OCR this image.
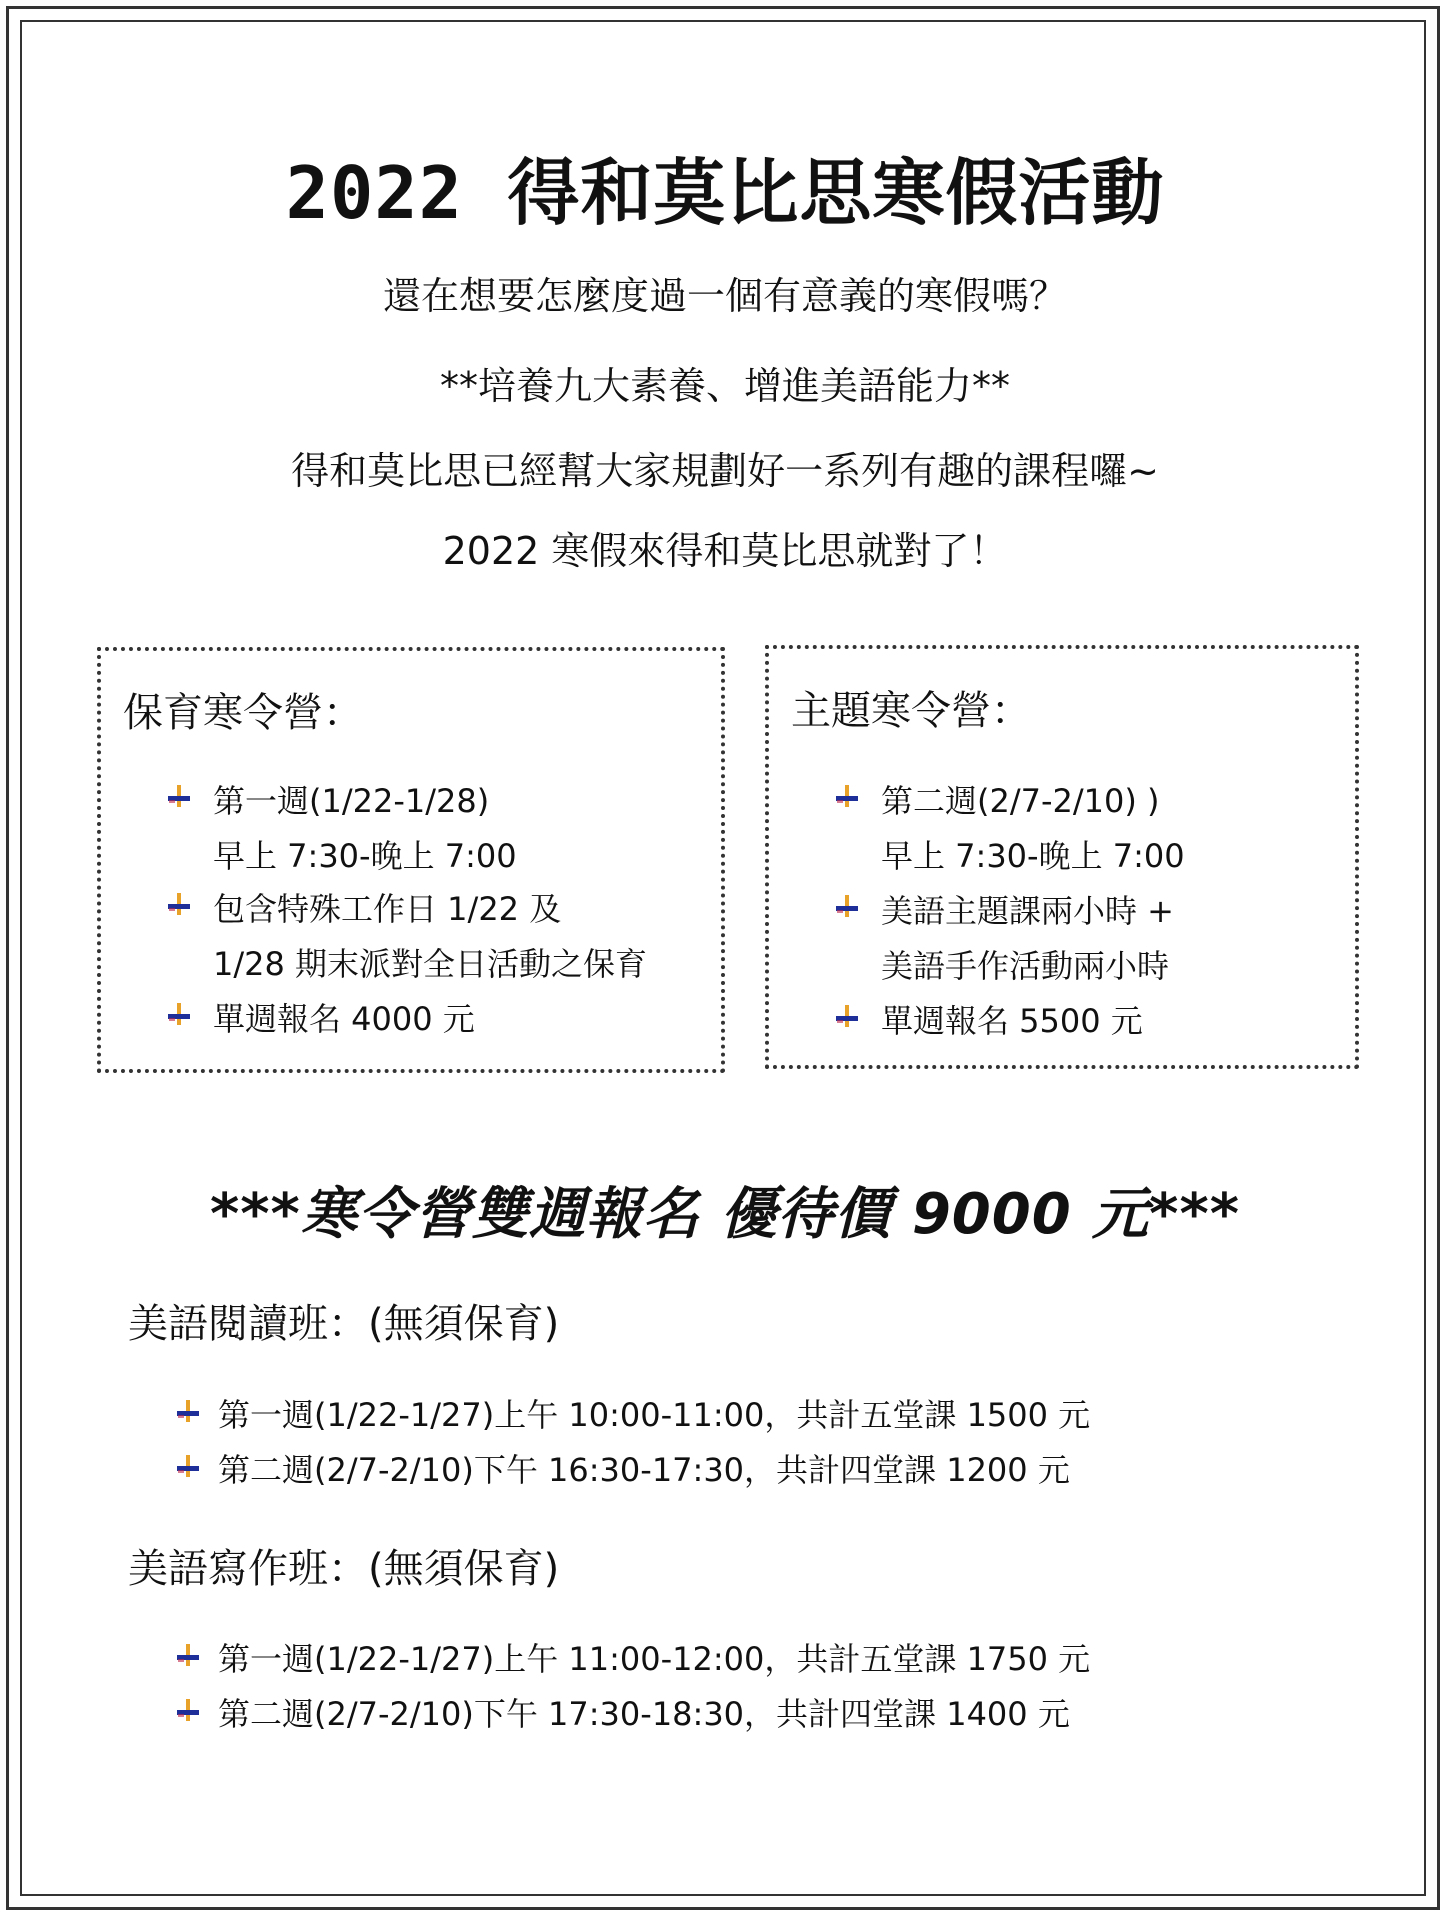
2022 得和莫比思寒假活動
還在想要怎麼度過一個有意義的寒假嗎？
**培養九大素養、增進美語能力**
得和莫比思已經幫大家規劃好一系列有趣的課程囉~
2022 寒假來得和莫比思就對了！
保育寒令營：
第一週(1/22-1/28)
早上 7:30-晚上 7:00
包含特殊工作日 1/22 及
1/28 期末派對全日活動之保育
單週報名 4000 元
主題寒令營：
第二週(2/7-2/10) )
早上 7:30-晚上 7:00
美語主題課兩小時 +
美語手作活動兩小時
單週報名 5500 元
***寒令營雙週報名 優待價 9000 元***
美語閱讀班：(無須保育)
第一週(1/22-1/27)上午 10:00-11:00，共計五堂課 1500 元
第二週(2/7-2/10)下午 16:30-17:30，共計四堂課 1200 元
美語寫作班：(無須保育)
第一週(1/22-1/27)上午 11:00-12:00，共計五堂課 1750 元
第二週(2/7-2/10)下午 17:30-18:30，共計四堂課 1400 元
